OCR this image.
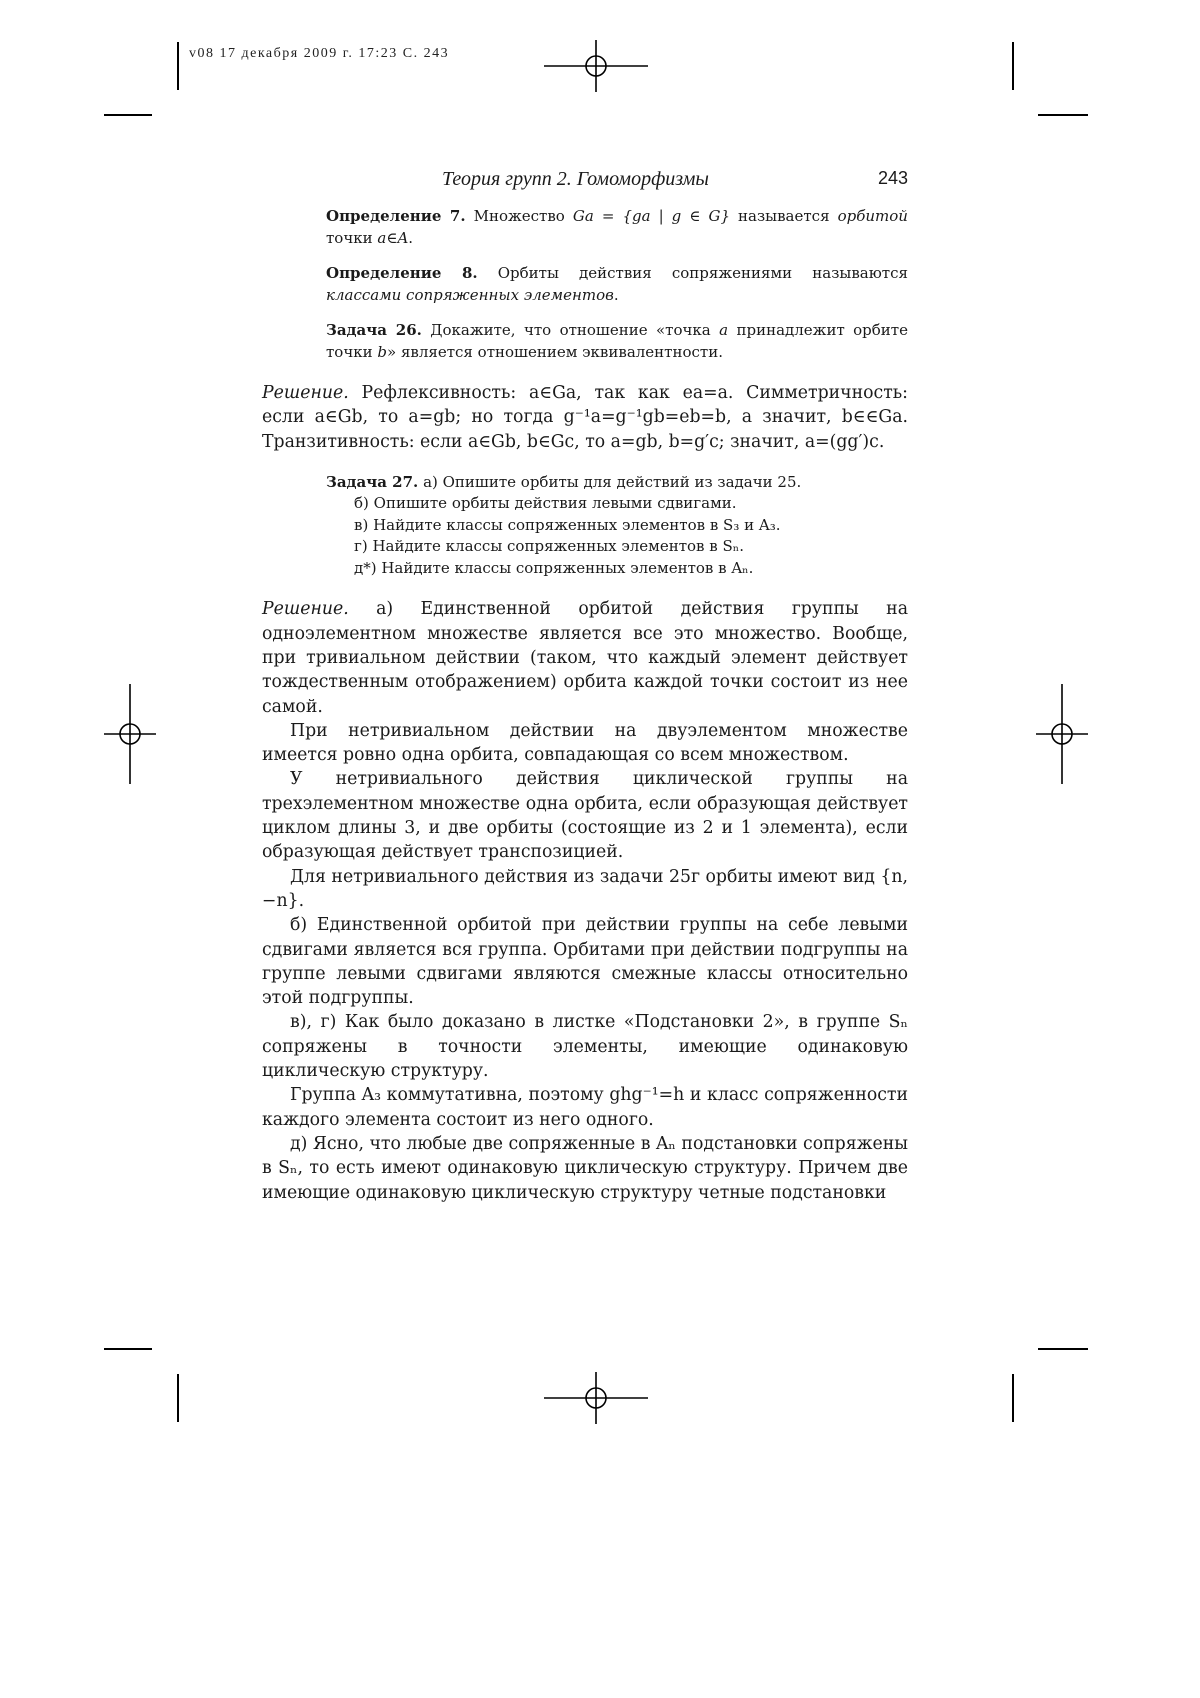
v08 17 декабря 2009 г. 17:23 С. 243
Теория групп 2. Гомоморфизмы	243
Определение 7. Множество Ga = {ga | g ∈ G} называется орбитой точки a∈A.
Определение 8. Орбиты действия сопряжениями называются классами сопряженных элементов.
Задача 26. Докажите, что отношение «точка a принадлежит орбите точки b» является отношением эквивалентности.
Решение. Рефлексивность: a∈Ga, так как ea=a. Симметричность: если a∈Gb, то a=gb; но тогда g⁻¹a=g⁻¹gb=eb=b, а значит, b∈∈Ga. Транзитивность: если a∈Gb, b∈Gc, то a=gb, b=g′c; значит, a=(gg′)c.
Задача 27. а) Опишите орбиты для действий из задачи 25.
б) Опишите орбиты действия левыми сдвигами.
в) Найдите классы сопряженных элементов в S₃ и A₃.
г) Найдите классы сопряженных элементов в Sₙ.
д*) Найдите классы сопряженных элементов в Aₙ.

Решение. а) Единственной орбитой действия группы на одноэлементном множестве является все это множество. Вообще, при тривиальном действии (таком, что каждый элемент действует тождественным отображением) орбита каждой точки состоит из нее самой.

При нетривиальном действии на двуэлементом множестве имеется ровно одна орбита, совпадающая со всем множеством.

У нетривиального действия циклической группы на трехэлементном множестве одна орбита, если образующая действует циклом длины 3, и две орбиты (состоящие из 2 и 1 элемента), если образующая действует транспозицией.

Для нетривиального действия из задачи 25г орбиты имеют вид {n, −n}.

б) Единственной орбитой при действии группы на себе левыми сдвигами является вся группа. Орбитами при действии подгруппы на группе левыми сдвигами являются смежные классы относительно этой подгруппы.

в), г) Как было доказано в листке «Подстановки 2», в группе Sₙ сопряжены в точности элементы, имеющие одинаковую циклическую структуру.

Группа A₃ коммутативна, поэтому ghg⁻¹=h и класс сопряженности каждого элемента состоит из него одного.

д) Ясно, что любые две сопряженные в Aₙ подстановки сопряжены в Sₙ, то есть имеют одинаковую циклическую структуру. Причем две имеющие одинаковую циклическую структуру четные подстановки
